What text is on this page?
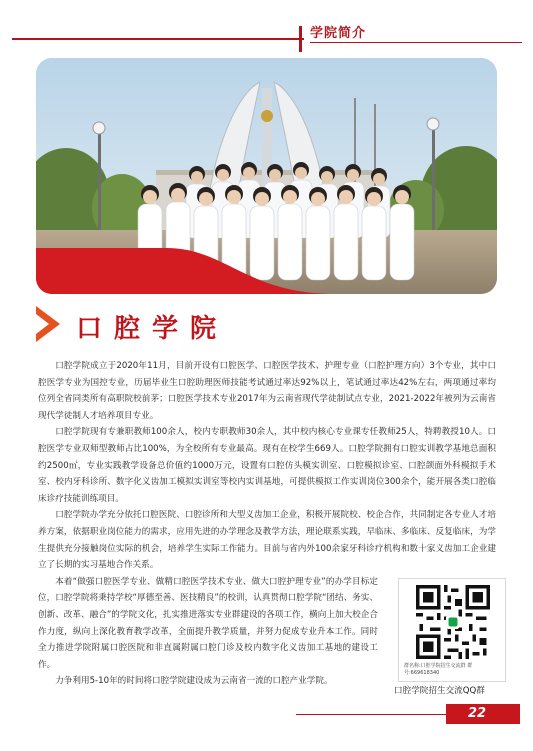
学院简介
口腔学院

口腔学院成立于2020年11月，目前开设有口腔医学、口腔医学技术、护理专业（口腔护理方向）3个专业，其中口腔医学专业为国控专业，历届毕业生口腔助理医师技能考试通过率达92%以上，笔试通过率达42%左右，两项通过率均位列全省同类所有高职院校前茅；口腔医学技术专业2017年为云南省现代学徒制试点专业，2021-2022年被列为云南省现代学徒制人才培养项目专业。

口腔学院现有专兼职教师100余人，校内专职教师30余人，其中校内核心专业课专任教师25人，特聘教授10人。口腔医学专业双师型教师占比100%，为全校所有专业最高。现有在校学生669人。口腔学院拥有口腔实训教学基地总面积约2500㎡，专业实践教学设备总价值约1000万元，设置有口腔仿头模实训室、口腔模拟诊室、口腔颌面外科模拟手术室、校内牙科诊所、数字化义齿加工模拟实训室等校内实训基地，可提供模拟工作实训岗位300余个，能开展各类口腔临床诊疗技能训练项目。

口腔学院办学充分依托口腔医院、口腔诊所和大型义齿加工企业，积极开展院校、校企合作，共同制定各专业人才培养方案，依据职业岗位能力的需求，应用先进的办学理念及教学方法，理论联系实践，早临床、多临床、反复临床，为学生提供充分接触岗位实际的机会，培养学生实际工作能力。目前与省内外100余家牙科诊疗机构和数十家义齿加工企业建立了长期的实习基地合作关系。

本着“做强口腔医学专业、做精口腔医学技术专业、做大口腔护理专业”的办学目标定位，口腔学院将秉持学校“厚德至善、医技精良”的校训，认真贯彻口腔学院“团结、务实、创新、改革、融合”的学院文化，扎实推进落实专业群建设的各项工作，横向上加大校企合作力度，纵向上深化教育教学改革，全面提升教学质量，并努力促成专业升本工作。同时全力推进学院附属口腔医院和非直属附属口腔门诊及校内数字化义齿加工基地的建设工作。

力争利用5-10年的时间将口腔学院建设成为云南省一流的口腔产业学院。

群名称:口腔学院招生交流群 群号:669618340
口腔学院招生交流QQ群
22
